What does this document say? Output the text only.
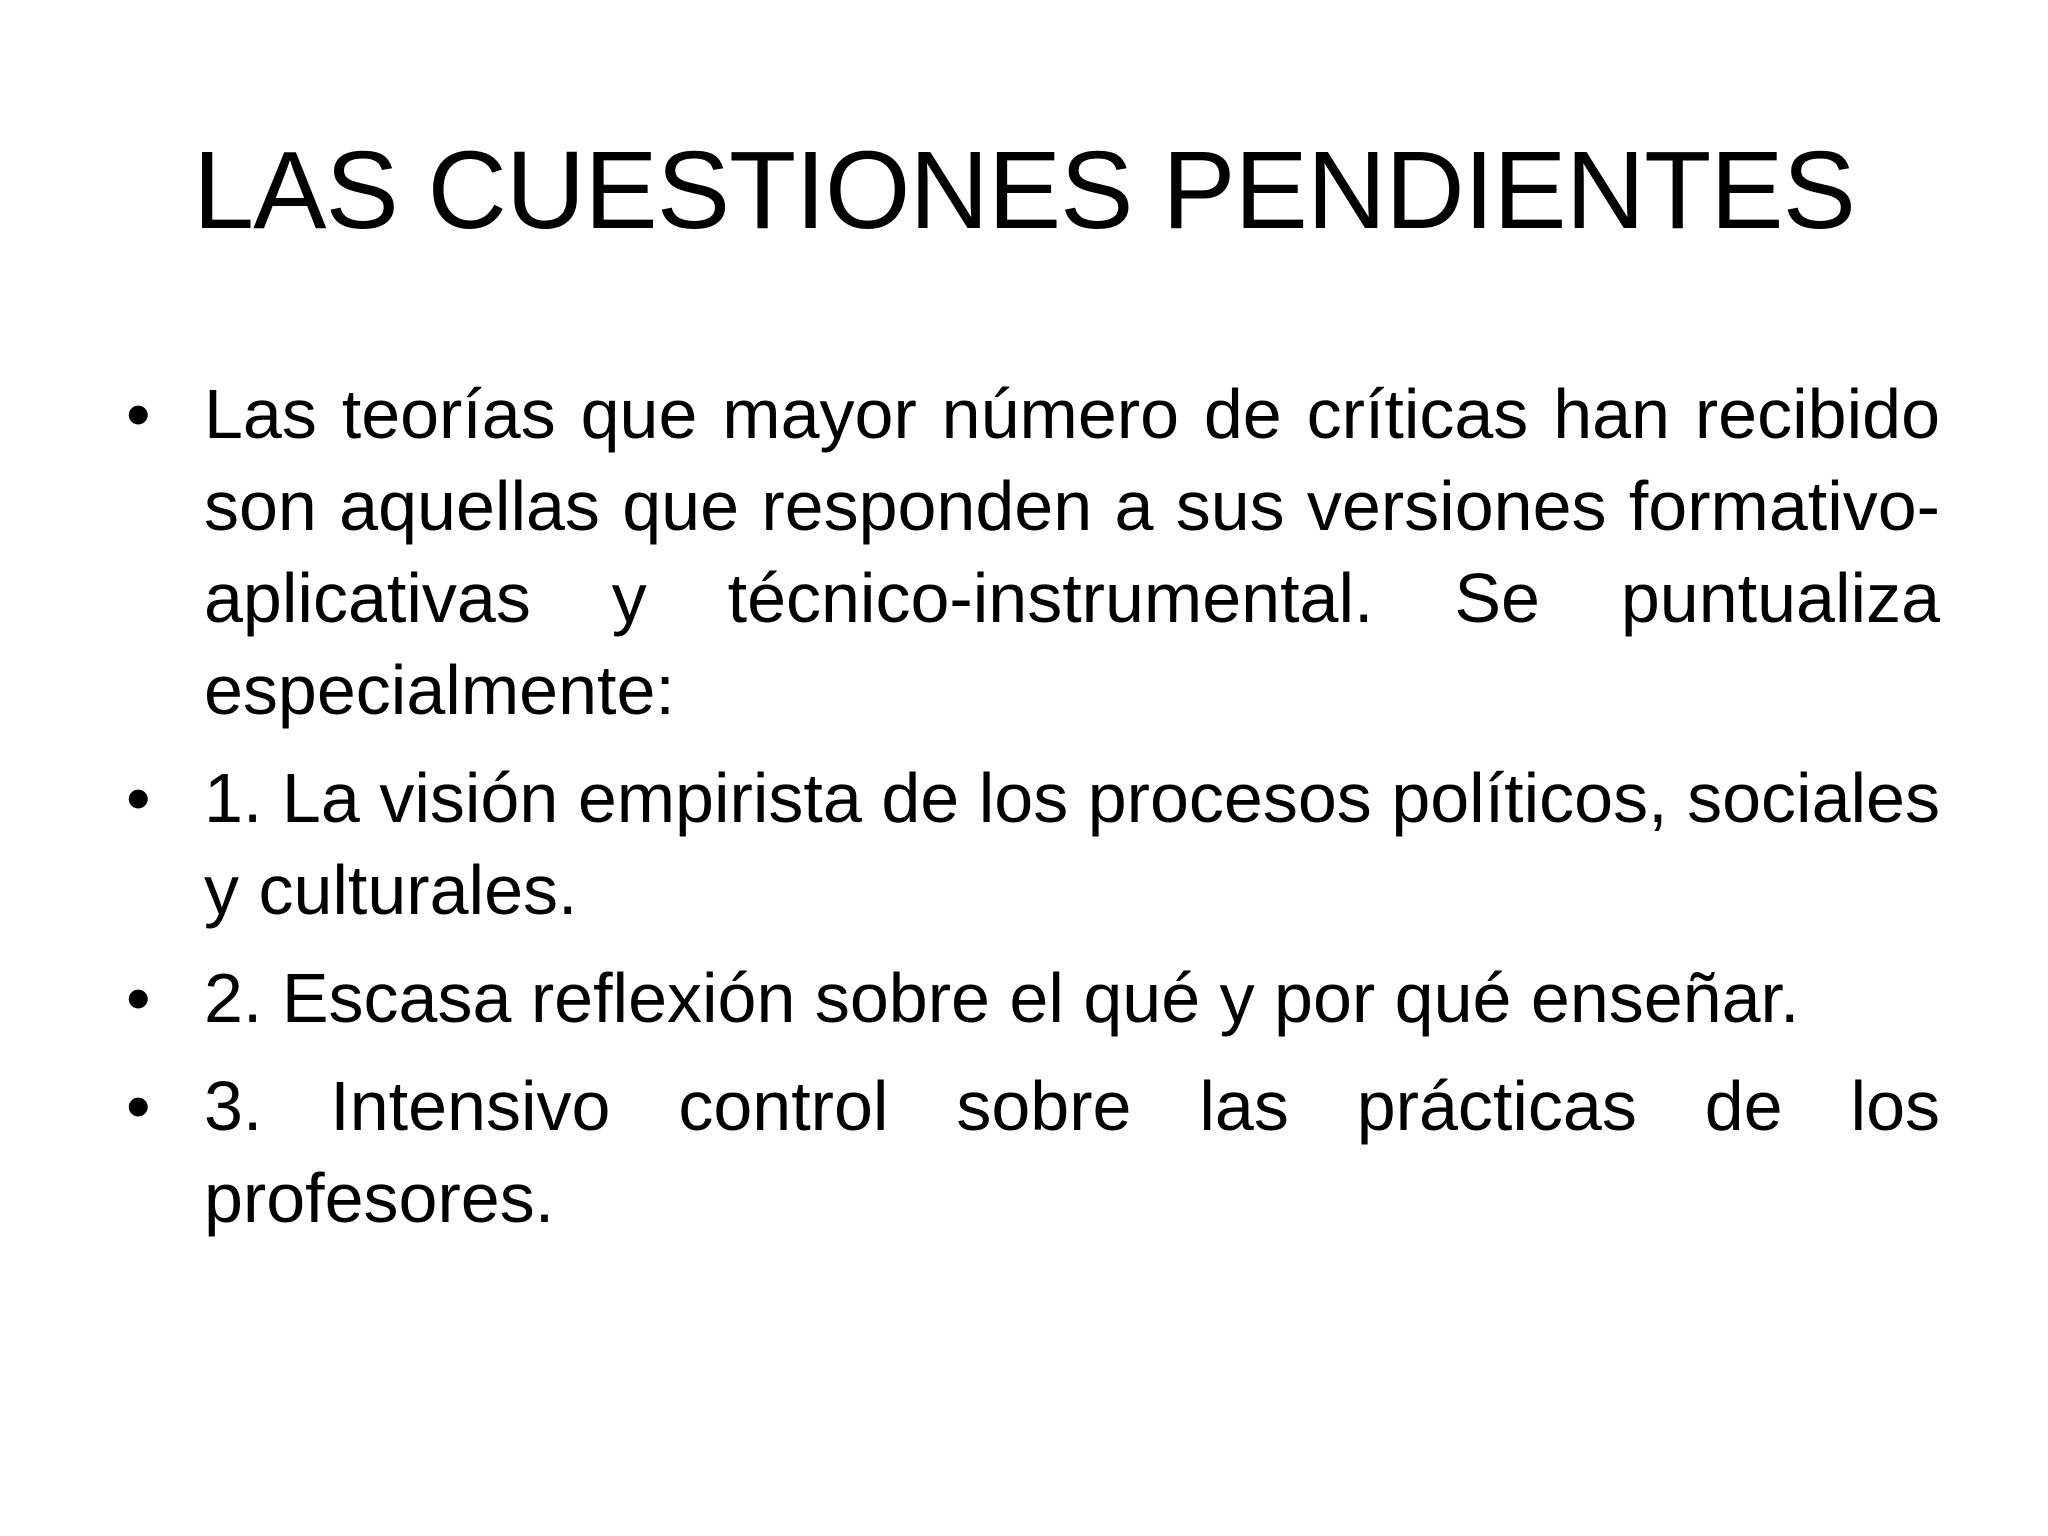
LAS CUESTIONES PENDIENTES
• Las teorías que mayor número de críticas han recibido son aquellas que responden a sus versiones formativo-aplicativas y técnico-instrumental. Se puntualiza especialmente:
• 1. La visión empirista de los procesos políticos, sociales y culturales.
• 2. Escasa reflexión sobre el qué y por qué enseñar.
• 3. Intensivo control sobre las prácticas de los profesores.
